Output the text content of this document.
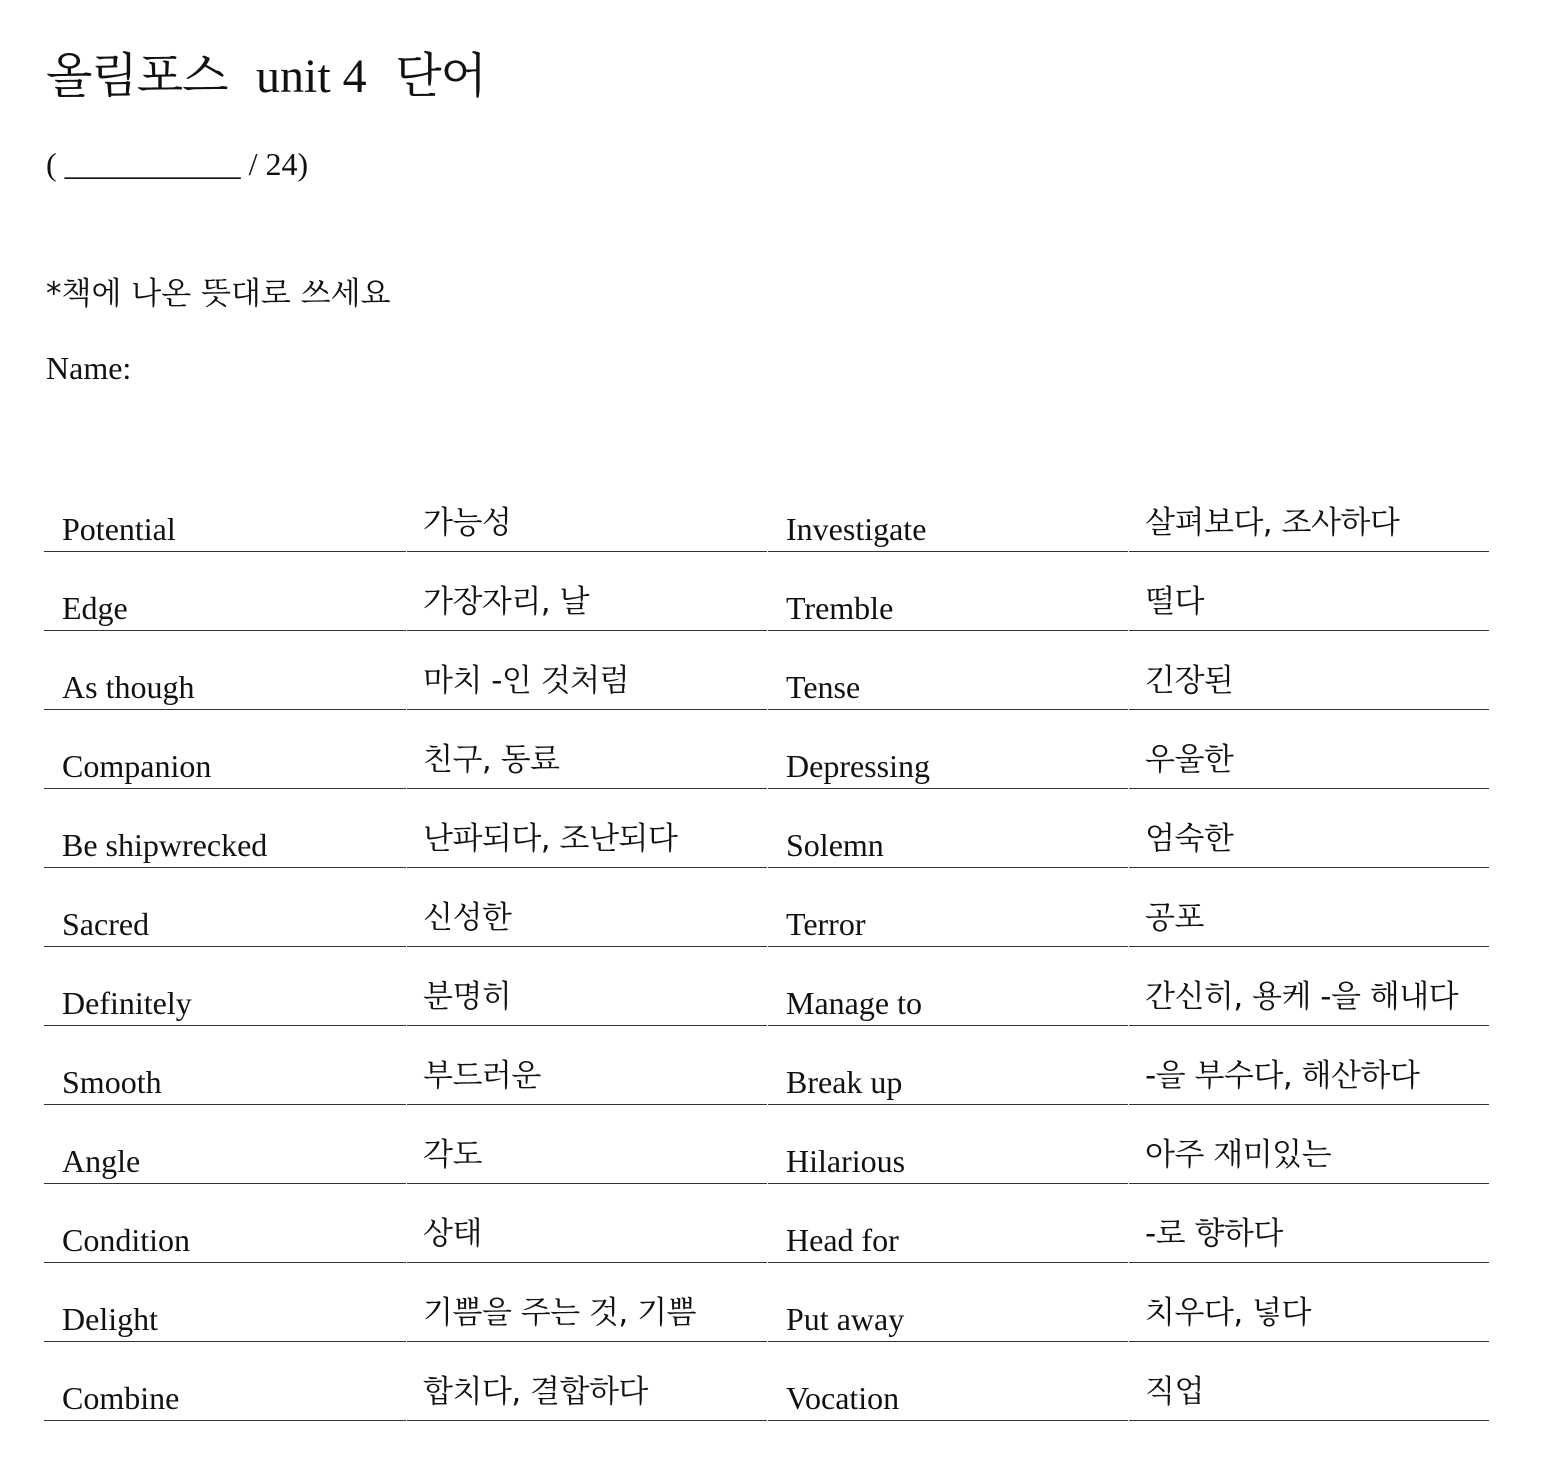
올림포스 unit 4 단어
( ___________ / 24)
*책에 나온 뜻대로 쓰세요
Name:
Potential	가능성	Investigate	살펴보다, 조사하다
Edge	가장자리, 날	Tremble	떨다
As though	마치 -인 것처럼	Tense	긴장된
Companion	친구, 동료	Depressing	우울한
Be shipwrecked	난파되다, 조난되다	Solemn	엄숙한
Sacred	신성한	Terror	공포
Definitely	분명히	Manage to	간신히, 용케 -을 해내다
Smooth	부드러운	Break up	-을 부수다, 해산하다
Angle	각도	Hilarious	아주 재미있는
Condition	상태	Head for	-로 향하다
Delight	기쁨을 주는 것, 기쁨	Put away	치우다, 넣다
Combine	합치다, 결합하다	Vocation	직업
